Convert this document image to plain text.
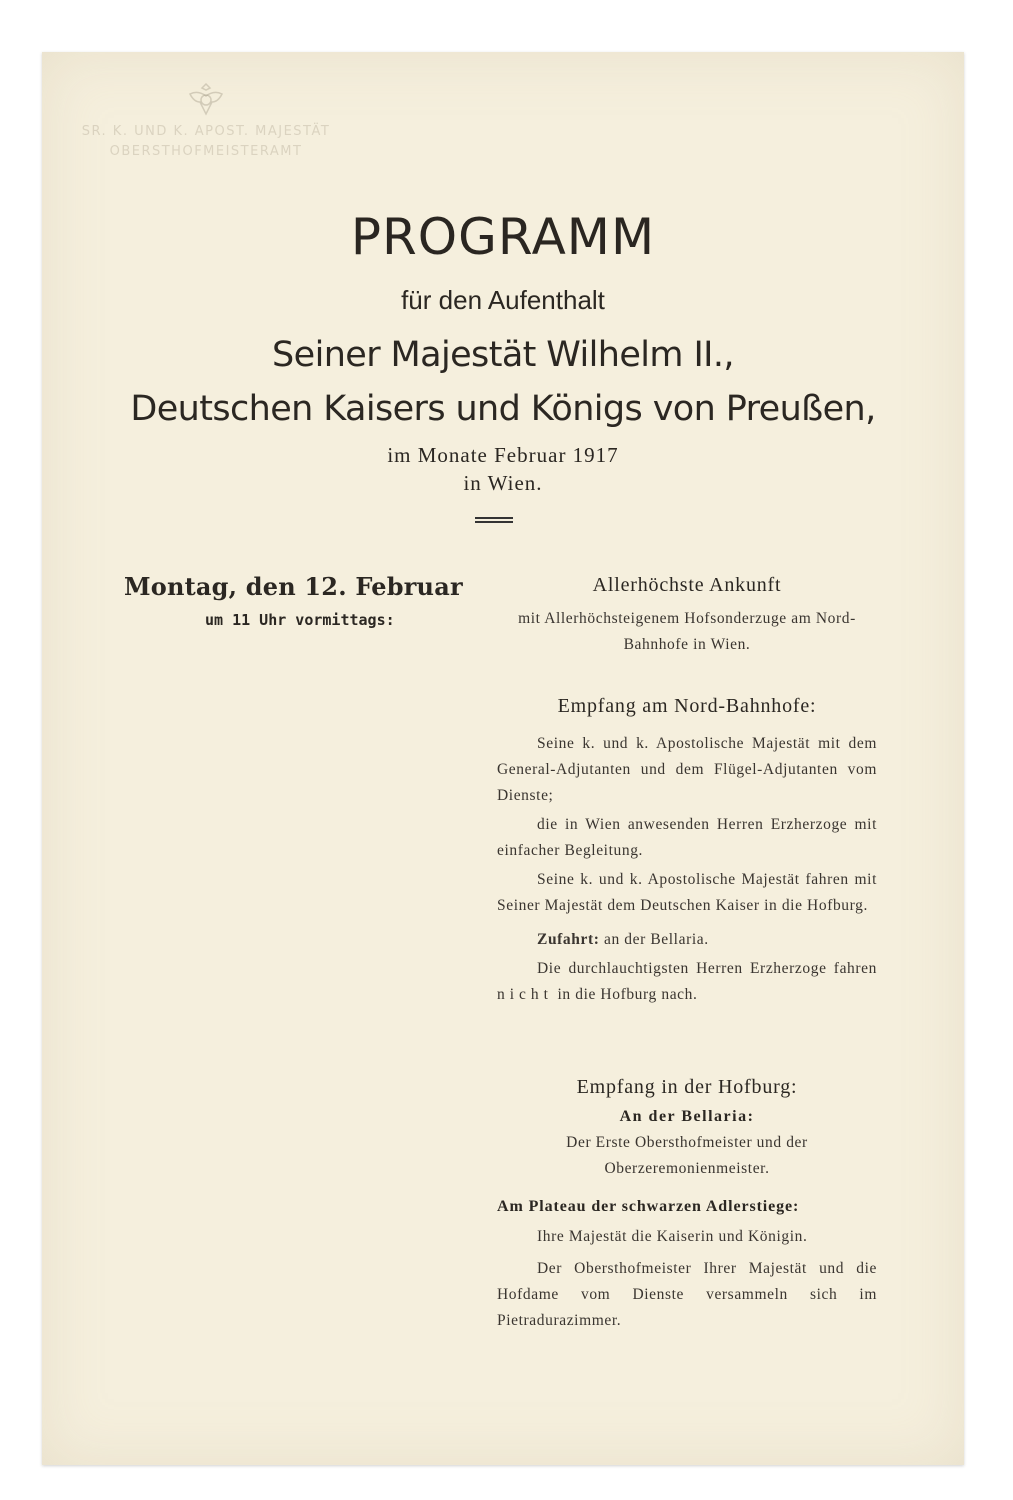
SR. K. UND K. APOST. MAJESTÄT
OBERSTHOFMEISTERAMT
PROGRAMM
für den Aufenthalt
Seiner Majestät Wilhelm II.,
Deutschen Kaisers und Königs von Preußen,
im Monate Februar 1917
in Wien.
Montag, den 12. Februar
um 11 Uhr vormittags:
Allerhöchste Ankunft
mit Allerhöchsteigenem Hofsonderzuge am Nord-Bahnhofe in Wien.
Empfang am Nord-Bahnhofe:
Seine k. und k. Apostolische Majestät mit dem General-Adjutanten und dem Flügel-Adjutanten vom Dienste;
die in Wien anwesenden Herren Erzherzoge mit einfacher Begleitung.
Seine k. und k. Apostolische Majestät fahren mit Seiner Majestät dem Deutschen Kaiser in die Hofburg.
Zufahrt: an der Bellaria.
Die durchlauchtigsten Herren Erzherzoge fahren nicht in die Hofburg nach.
Empfang in der Hofburg:
An der Bellaria:
Der Erste Obersthofmeister und der Oberzeremonienmeister.
Am Plateau der schwarzen Adlerstiege:
Ihre Majestät die Kaiserin und Königin.
Der Obersthofmeister Ihrer Majestät und die Hofdame vom Dienste versammeln sich im Pietradurazimmer.
